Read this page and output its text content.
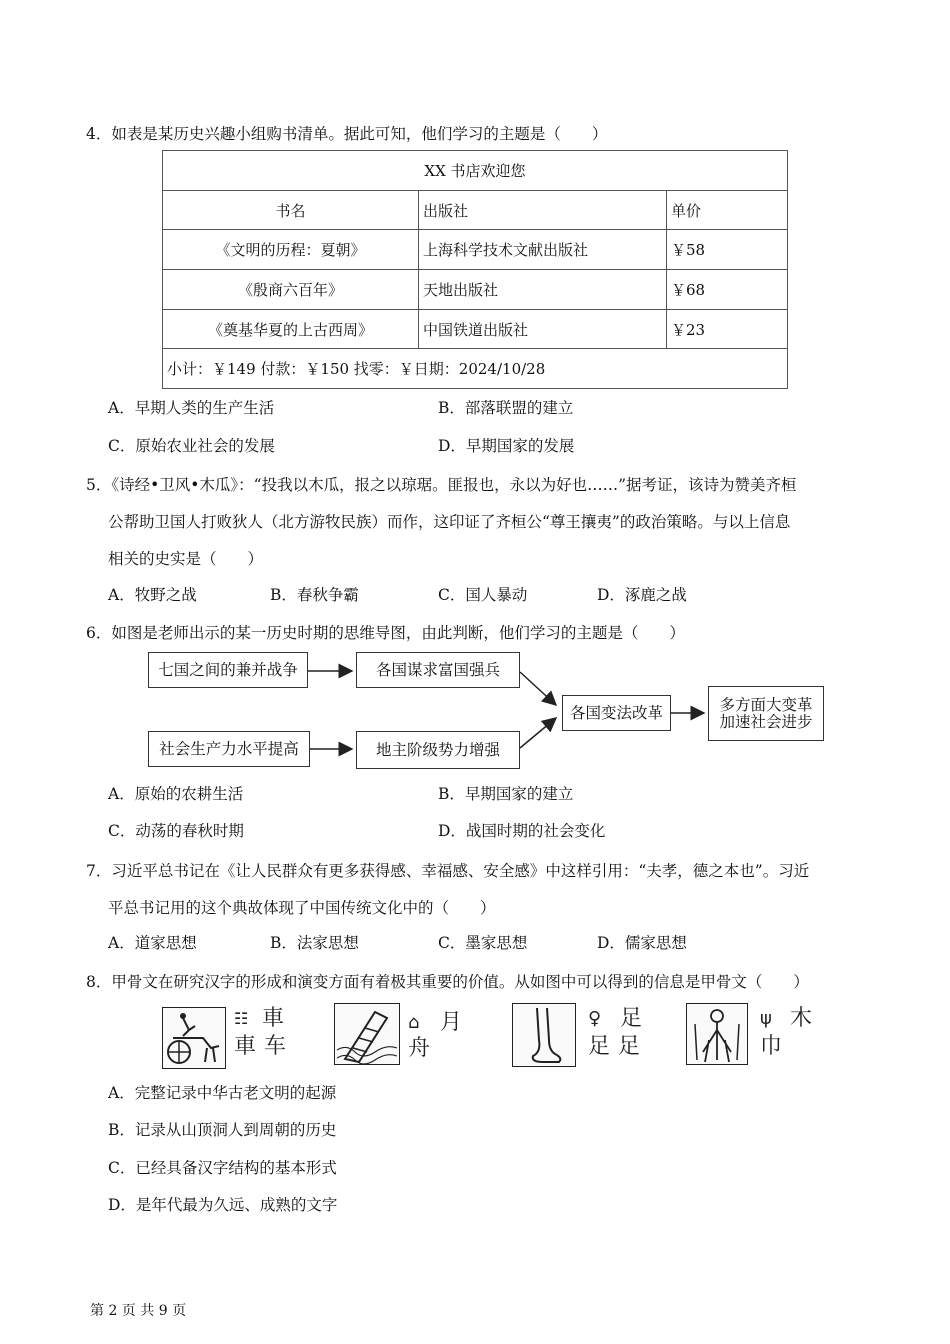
4．如表是某历史兴趣小组购书清单。据此可知，他们学习的主题是（　　）
XX 书店欢迎您		
书名	出版社	单价
《文明的历程：夏朝》	上海科学技术文献出版社	￥58
《殷商六百年》	天地出版社	￥68
《奠基华夏的上古西周》	中国铁道出版社	￥23
小计：￥149 付款：￥150 找零：￥日期：2024/10/28		
A．早期人类的生产生活	B．部落联盟的建立
C．原始农业社会的发展	D．早期国家的发展
5．《诗经•卫风•木瓜》：“投我以木瓜，报之以琼琚。匪报也，永以为好也……”据考证，该诗为赞美齐桓
公帮助卫国人打败狄人（北方游牧民族）而作，这印证了齐桓公“尊王攘夷”的政治策略。与以上信息
相关的史实是（　　）
A．牧野之战	B．春秋争霸	C．国人暴动	D．涿鹿之战
6．如图是老师出示的某一历史时期的思维导图，由此判断，他们学习的主题是（　　）
七国之间的兼并战争	各国谋求富国强兵
社会生产力水平提高	地主阶级势力增强
各国变法改革	多方面大变革
加速社会进步
A．原始的农耕生活	B．早期国家的建立
C．动荡的春秋时期	D．战国时期的社会变化
7．习近平总书记在《让人民群众有更多获得感、幸福感、安全感》中这样引用：“夫孝，德之本也”。习近
平总书记用的这个典故体现了中国传统文化中的（　　）
A．道家思想	B．法家思想	C．墨家思想	D．儒家思想
8．甲骨文在研究汉字的形成和演变方面有着极其重要的价值。从如图中可以得到的信息是甲骨文（　　）
☷ 車
車 车
⌂ 月
舟
♀ 足
足 足
ψ 木
巾
A．完整记录中华古老文明的起源
B．记录从山顶洞人到周朝的历史
C．已经具备汉字结构的基本形式
D．是年代最为久远、成熟的文字
第 2 页 共 9 页
